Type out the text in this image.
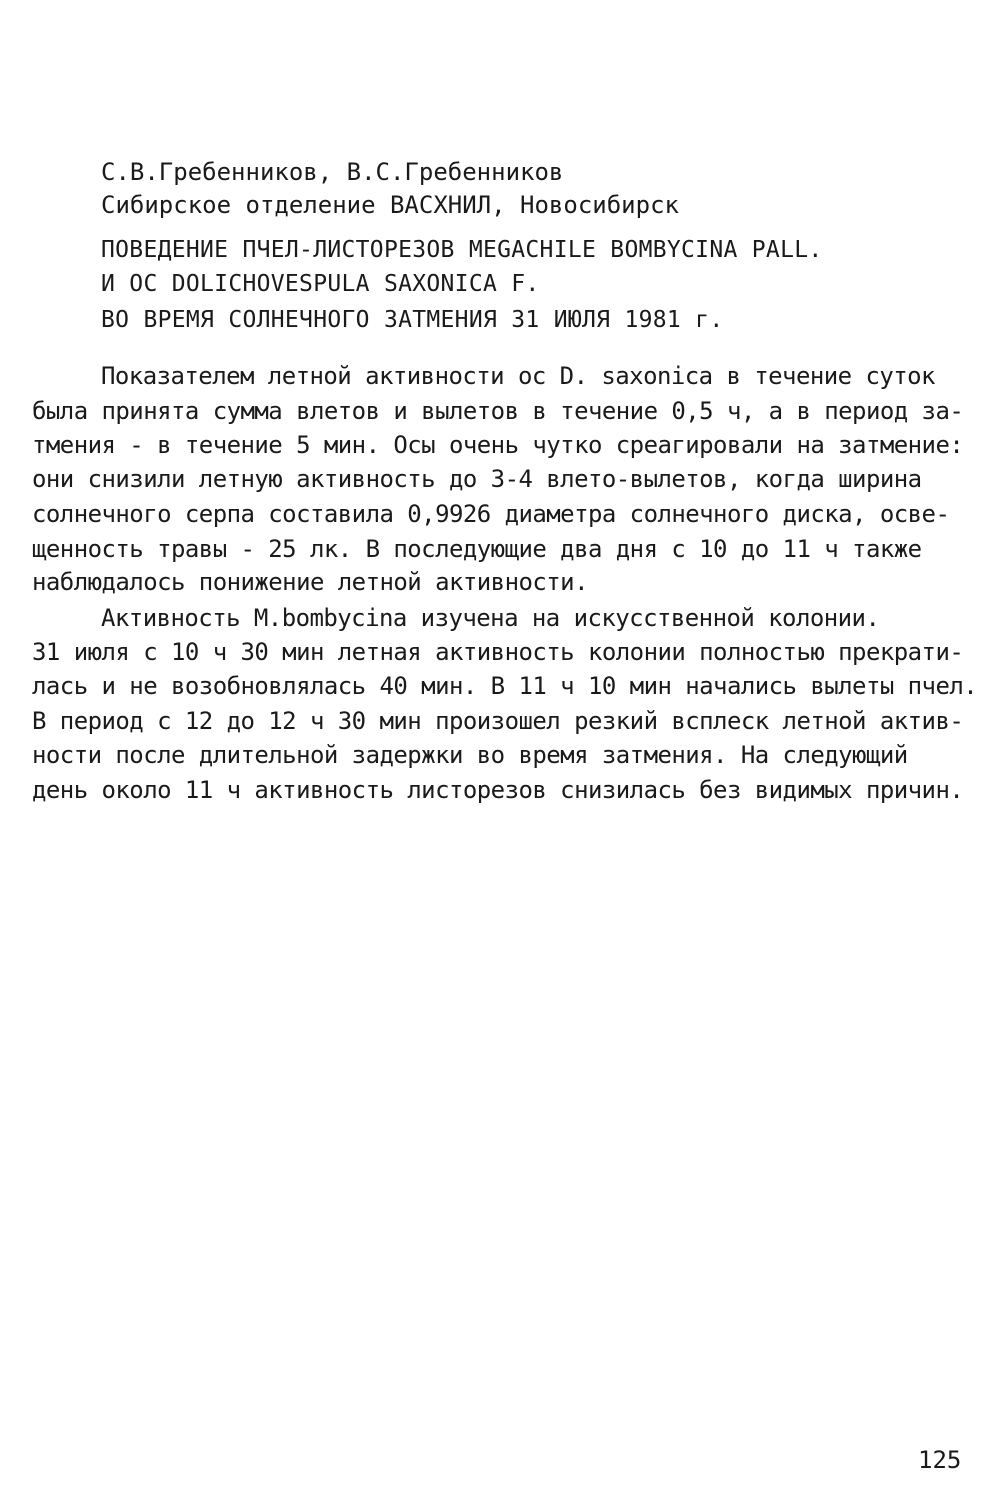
С.В.Гребенников, В.С.Гребенников
Сибирское отделение ВАСХНИЛ, Новосибирск
ПОВЕДЕНИЕ ПЧЕЛ-ЛИСТОРЕЗОВ MEGACHILE BOMBYCINA PALL.
И ОС DOLICHOVESPULA SAXONICA F.
ВО ВРЕМЯ СОЛНЕЧНОГО ЗАТМЕНИЯ 31 ИЮЛЯ 1981 г.
Показателем летной активности ос D. saxonica в течение суток
была принята сумма влетов и вылетов в течение 0,5 ч, а в период за-
тмения - в течение 5 мин. Осы очень чутко среагировали на затмение:
они снизили летную активность до 3-4 влето-вылетов, когда ширина
солнечного серпа составила 0,9926 диаметра солнечного диска, осве-
щенность травы - 25 лк. В последующие два дня с 10 до 11 ч также
наблюдалось понижение летной активности.
Активность M.bombycina изучена на искусственной колонии.
31 июля с 10 ч 30 мин летная активность колонии полностью прекрати-
лась и не возобновлялась 40 мин. В 11 ч 10 мин начались вылеты пчел.
В период с 12 до 12 ч 30 мин произошел резкий всплеск летной актив-
ности после длительной задержки во время затмения. На следующий
день около 11 ч активность листорезов снизилась без видимых причин.
125
